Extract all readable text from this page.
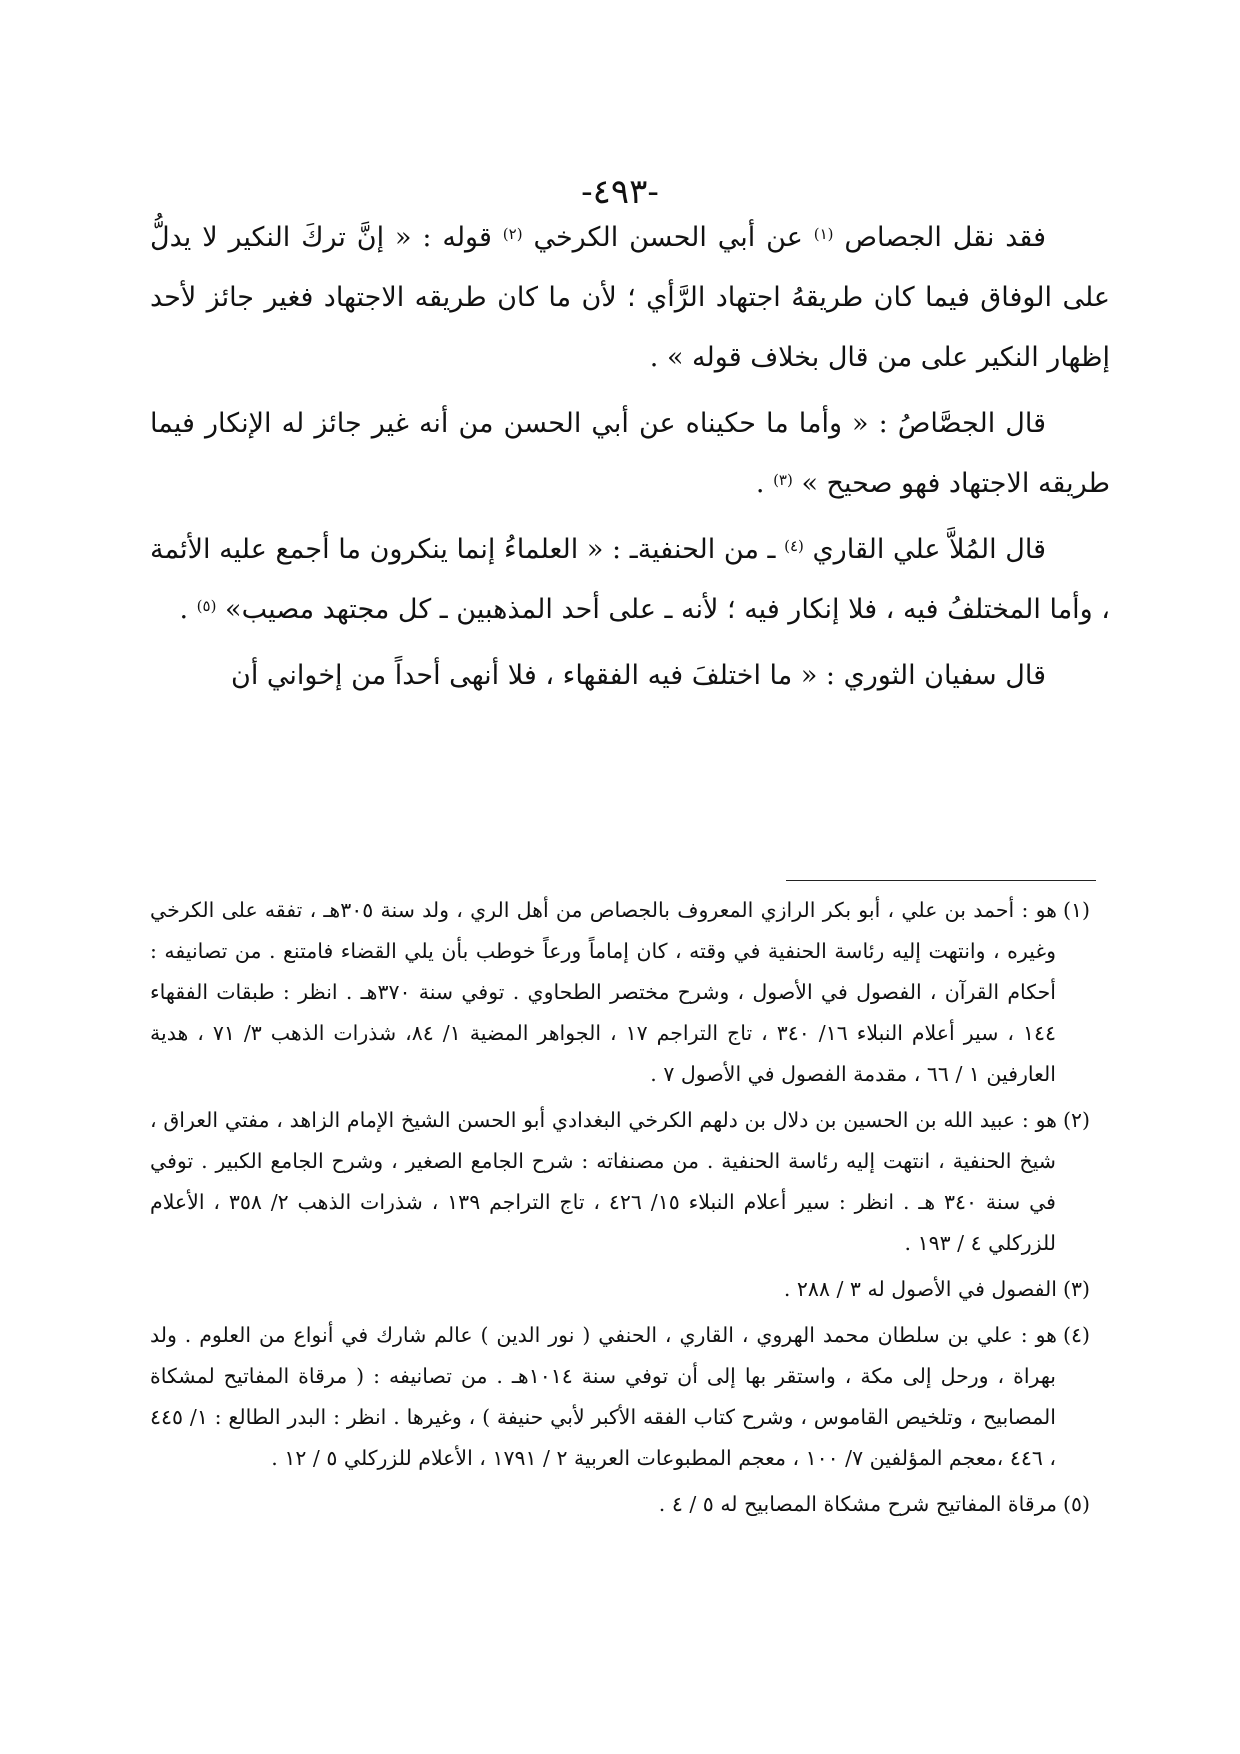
-٤٩٣-

فقد نقل الجصاص $^{(١)}$ عن أبي الحسن الكرخي $^{(٢)}$ قوله : « إنَّ تركَ النكير لا يدلُّ على الوفاق فيما كان طريقهُ اجتهاد الرَّأي ؛ لأن ما كان طريقه الاجتهاد فغير جائز لأحد إظهار النكير على من قال بخلاف قوله » .

قال الجصَّاصُ : « وأما ما حكيناه عن أبي الحسن من أنه غير جائز له الإنكار فيما طريقه الاجتهاد فهو صحيح » $^{(٣)}$ .

قال المُلاَّ علي القاري $^{(٤)}$ ـ من الحنفيةـ : « العلماءُ إنما ينكرون ما أجمع عليه الأئمة ، وأما المختلفُ فيه ، فلا إنكار فيه ؛ لأنه ـ على أحد المذهبين ـ كل مجتهد مصيب» $^{(٥)}$ .

قال سفيان الثوري : « ما اختلفَ فيه الفقهاء ، فلا أنهى أحداً من إخواني أن

(١)هو : أحمد بن علي ، أبو بكر الرازي المعروف بالجصاص من أهل الري ، ولد سنة ٣٠٥هـ ، تفقه على الكرخي وغيره ، وانتهت إليه رئاسة الحنفية في وقته ، كان إماماً ورعاً خوطب بأن يلي القضاء فامتنع . من تصانيفه : أحكام القرآن ، الفصول في الأصول ، وشرح مختصر الطحاوي . توفي سنة ٣٧٠هـ . انظر : طبقات الفقهاء ١٤٤ ، سير أعلام النبلاء ١٦/ ٣٤٠ ، تاج التراجم ١٧ ، الجواهر المضية ١/ ٨٤، شذرات الذهب ٣/ ٧١ ، هدية العارفين ١ / ٦٦ ، مقدمة الفصول في الأصول ٧ .

(٢)هو : عبيد الله بن الحسين بن دلال بن دلهم الكرخي البغدادي أبو الحسن الشيخ الإمام الزاهد ، مفتي العراق ، شيخ الحنفية ، انتهت إليه رئاسة الحنفية . من مصنفاته : شرح الجامع الصغير ، وشرح الجامع الكبير . توفي في سنة ٣٤٠ هـ . انظر : سير أعلام النبلاء ١٥/ ٤٢٦ ، تاج التراجم ١٣٩ ، شذرات الذهب ٢/ ٣٥٨ ، الأعلام للزركلي ٤ / ١٩٣ .

(٣)الفصول في الأصول له ٣ / ٢٨٨ .

(٤)هو : علي بن سلطان محمد الهروي ، القاري ، الحنفي ( نور الدين ) عالم شارك في أنواع من العلوم . ولد بهراة ، ورحل إلى مكة ، واستقر بها إلى أن توفي سنة ١٠١٤هـ . من تصانيفه : ( مرقاة المفاتيح لمشكاة المصابيح ، وتلخيص القاموس ، وشرح كتاب الفقه الأكبر لأبي حنيفة ) ، وغيرها . انظر : البدر الطالع : ١/ ٤٤٥ ، ٤٤٦ ،معجم المؤلفين ٧/ ١٠٠ ، معجم المطبوعات العربية ٢ / ١٧٩١ ، الأعلام للزركلي ٥ / ١٢ .

(٥)مرقاة المفاتيح شرح مشكاة المصابيح له ٥ / ٤ .
